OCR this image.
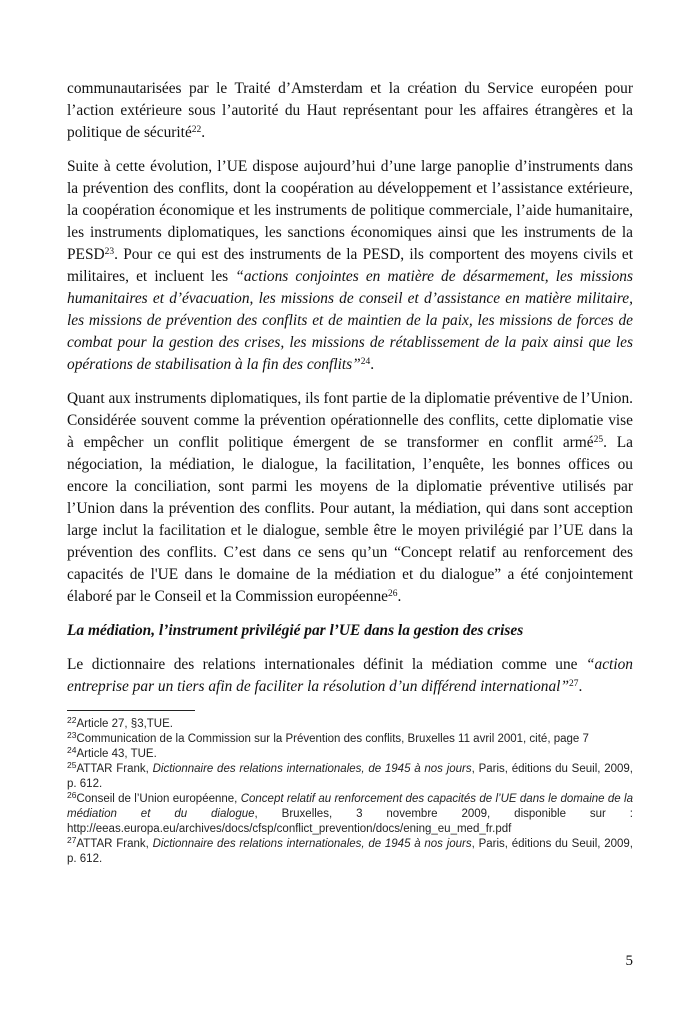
communautarisées par le Traité d’Amsterdam et la création du Service européen pour l’action extérieure sous l’autorité du Haut représentant pour les affaires étrangères et la politique de sécurité$^{22}$.

Suite à cette évolution, l’UE dispose aujourd’hui d’une large panoplie d’instruments dans la prévention des conflits, dont la coopération au développement et l’assistance extérieure, la coopération économique et les instruments de politique commerciale, l’aide humanitaire, les instruments diplomatiques, les sanctions économiques ainsi que les instruments de la PESD$^{23}$. Pour ce qui est des instruments de la PESD, ils comportent des moyens civils et militaires, et incluent les “actions conjointes en matière de désarmement, les missions humanitaires et d’évacuation, les missions de conseil et d’assistance en matière militaire, les missions de prévention des conflits et de maintien de la paix, les missions de forces de combat pour la gestion des crises, les missions de rétablissement de la paix ainsi que les opérations de stabilisation à la fin des conflits”$^{24}$.

Quant aux instruments diplomatiques, ils font partie de la diplomatie préventive de l’Union. Considérée souvent comme la prévention opérationnelle des conflits, cette diplomatie vise à empêcher un conflit politique émergent de se transformer en conflit armé$^{25}$. La négociation, la médiation, le dialogue, la facilitation, l’enquête, les bonnes offices ou encore la conciliation, sont parmi les moyens de la diplomatie préventive utilisés par l’Union dans la prévention des conflits. Pour autant, la médiation, qui dans sont acception large inclut la facilitation et le dialogue, semble être le moyen privilégié par l’UE dans la prévention des conflits. C’est dans ce sens qu’un “Concept relatif au renforcement des capacités de l'UE dans le domaine de la médiation et du dialogue” a été conjointement élaboré par le Conseil et la Commission européenne$^{26}$.

La médiation, l’instrument privilégié par l’UE dans la gestion des crises

Le dictionnaire des relations internationales définit la médiation comme une “action entreprise par un tiers afin de faciliter la résolution d’un différend international”$^{27}$.

$^{22}$Article 27, §3,TUE.

$^{23}$Communication de la Commission sur la Prévention des conflits, Bruxelles 11 avril 2001, cité, page 7

$^{24}$Article 43, TUE.

$^{25}$ATTAR Frank, Dictionnaire des relations internationales, de 1945 à nos jours, Paris, éditions du Seuil, 2009, p. 612.

$^{26}$Conseil de l’Union européenne, Concept relatif au renforcement des capacités de l’UE dans le domaine de la médiation et du dialogue, Bruxelles, 3 novembre 2009, disponible sur : http://eeas.europa.eu/archives/docs/cfsp/conflict_prevention/docs/ening_eu_med_fr.pdf

$^{27}$ATTAR Frank, Dictionnaire des relations internationales, de 1945 à nos jours, Paris, éditions du Seuil, 2009, p. 612.

5
